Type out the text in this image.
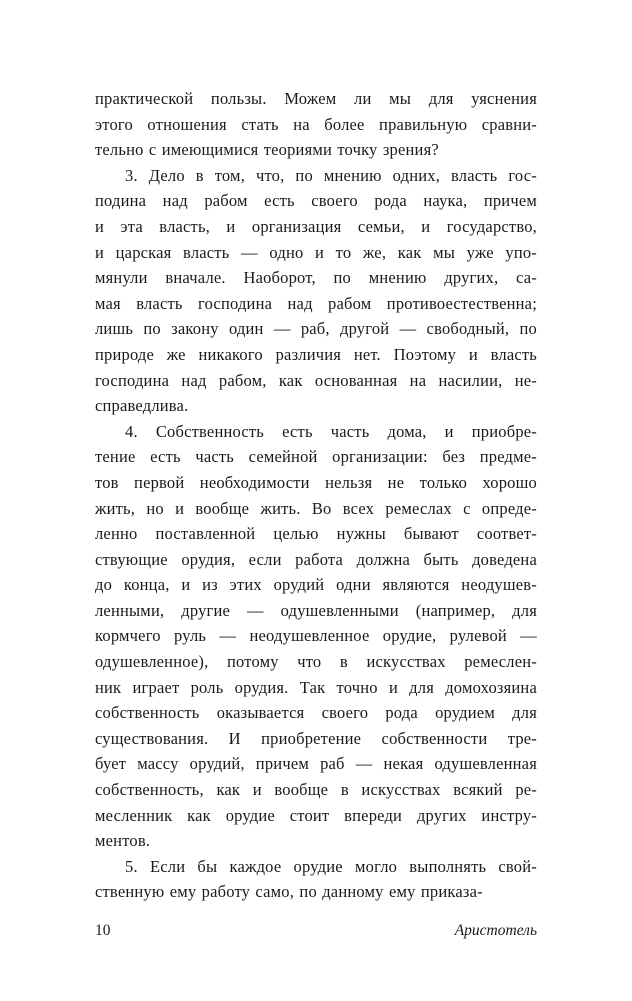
практической пользы. Можем ли мы для уяснения
этого отношения стать на более правильную сравни-
тельно с имеющимися теориями точку зрения?
3. Дело в том, что, по мнению одних, власть гос-
подина над рабом есть своего рода наука, причем
и эта власть, и организация семьи, и государство,
и царская власть — одно и то же, как мы уже упо-
мянули вначале. Наоборот, по мнению других, са-
мая власть господина над рабом противоестественна;
лишь по закону один — раб, другой — свободный, по
природе же никакого различия нет. Поэтому и власть
господина над рабом, как основанная на насилии, не-
справедлива.
4. Собственность есть часть дома, и приобре-
тение есть часть семейной организации: без предме-
тов первой необходимости нельзя не только хорошо
жить, но и вообще жить. Во всех ремеслах с опреде-
ленно поставленной целью нужны бывают соответ-
ствующие орудия, если работа должна быть доведена
до конца, и из этих орудий одни являются неодушев-
ленными, другие — одушевленными (например, для
кормчего руль — неодушевленное орудие, рулевой —
одушевленное), потому что в искусствах ремеслен-
ник играет роль орудия. Так точно и для домохозяина
собственность оказывается своего рода орудием для
существования. И приобретение собственности тре-
бует массу орудий, причем раб — некая одушевленная
собственность, как и вообще в искусствах всякий ре-
месленник как орудие стоит впереди других инстру-
ментов.
5. Если бы каждое орудие могло выполнять свой-
ственную ему работу само, по данному ему приказа-
10	Аристотель
